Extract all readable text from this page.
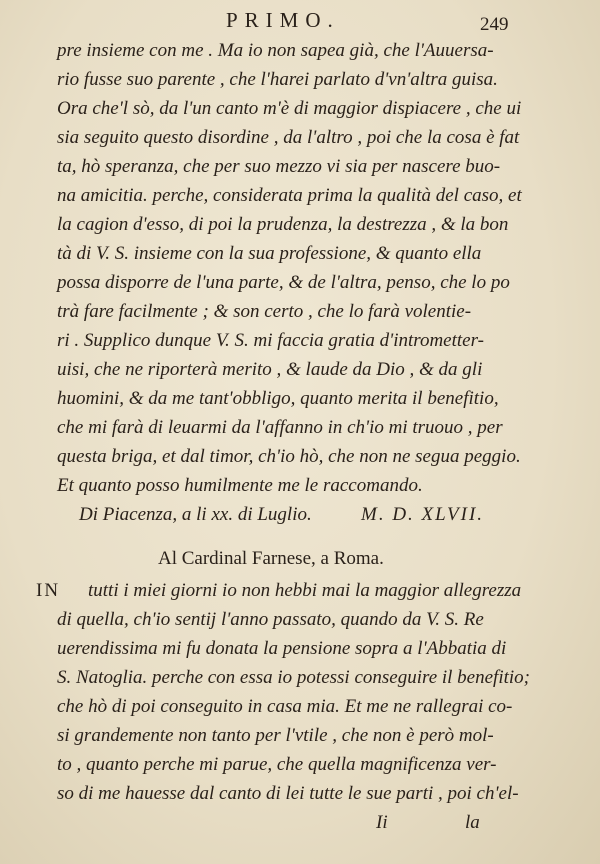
PRIMO.	249
pre insieme con me . Ma io non sapea già, che l'Auuersa-
rio fusse suo parente , che l'harei parlato d'vn'altra guisa.
Ora che'l sò, da l'un canto m'è di maggior dispiacere , che ui
sia seguito questo disordine , da l'altro , poi che la cosa è fat
ta, hò speranza, che per suo mezzo vi sia per nascere buo-
na amicitia. perche, considerata prima la qualità del caso, et
la cagion d'esso, di poi la prudenza, la destrezza , & la bon
tà di V. S. insieme con la sua professione, & quanto ella
possa disporre de l'una parte, & de l'altra, penso, che lo po
trà fare facilmente ; & son certo , che lo farà volentie-
ri . Supplico dunque V. S. mi faccia gratia d'intrometter-
uisi, che ne riporterà merito , & laude da Dio , & da gli
huomini, & da me tant'obbligo, quanto merita il benefitio,
che mi farà di leuarmi da l'affanno in ch'io mi truouo , per
questa briga, et dal timor, ch'io hò, che non ne segua peggio.
Et quanto posso humilmente me le raccomando.
Di Piacenza, a li xx. di Luglio.	M. D. XLVII.
Al Cardinal Farnese, a Roma.
IN tutti i miei giorni io non hebbi mai la maggior allegrezza
di quella, ch'io sentij l'anno passato, quando da V. S. Re
uerendissima mi fu donata la pensione sopra a l'Abbatia di
S. Natoglia. perche con essa io potessi conseguire il benefitio;
che hò di poi conseguito in casa mia. Et me ne rallegrai co-
si grandemente non tanto per l'vtile , che non è però mol-
to , quanto perche mi parue, che quella magnificenza ver-
so di me hauesse dal canto di lei tutte le sue parti , poi ch'el-
Ii	la
